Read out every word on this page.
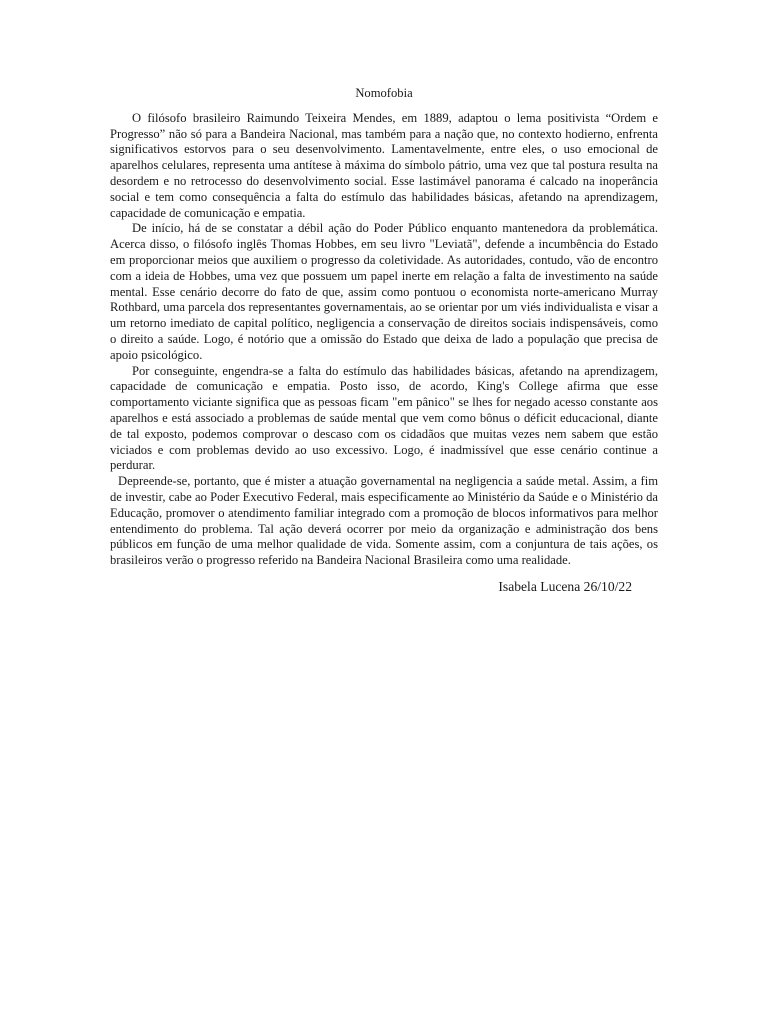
Nomofobia

O filósofo brasileiro Raimundo Teixeira Mendes, em 1889, adaptou o lema positivista “Ordem e Progresso” não só para a Bandeira Nacional, mas também para a nação que, no contexto hodierno, enfrenta significativos estorvos para o seu desenvolvimento. Lamentavelmente, entre eles, o uso emocional de aparelhos celulares, representa uma antítese à máxima do símbolo pátrio, uma vez que tal postura resulta na desordem e no retrocesso do desenvolvimento social. Esse lastimável panorama é calcado na inoperância social e tem como consequência a falta do estímulo das habilidades básicas, afetando na aprendizagem, capacidade de comunicação e empatia.

De início, há de se constatar a débil ação do Poder Público enquanto mantenedora da problemática. Acerca disso, o filósofo inglês Thomas Hobbes, em seu livro "Leviatã", defende a incumbência do Estado em proporcionar meios que auxiliem o progresso da coletividade. As autoridades, contudo, vão de encontro com a ideia de Hobbes, uma vez que possuem um papel inerte em relação a falta de investimento na saúde mental. Esse cenário decorre do fato de que, assim como pontuou o economista norte-americano Murray Rothbard, uma parcela dos representantes governamentais, ao se orientar por um viés individualista e visar a um retorno imediato de capital político, negligencia a conservação de direitos sociais indispensáveis, como o direito a saúde. Logo, é notório que a omissão do Estado que deixa de lado a população que precisa de apoio psicológico.

Por conseguinte, engendra-se a falta do estímulo das habilidades básicas, afetando na aprendizagem, capacidade de comunicação e empatia. Posto isso, de acordo, King's College afirma que esse comportamento viciante significa que as pessoas ficam "em pânico" se lhes for negado acesso constante aos aparelhos e está associado a problemas de saúde mental que vem como bônus o déficit educacional, diante de tal exposto, podemos comprovar o descaso com os cidadãos que muitas vezes nem sabem que estão viciados e com problemas devido ao uso excessivo. Logo, é inadmissível que esse cenário continue a perdurar.

Depreende-se, portanto, que é mister a atuação governamental na negligencia a saúde metal. Assim, a fim de investir, cabe ao Poder Executivo Federal, mais especificamente ao Ministério da Saúde e o Ministério da Educação, promover o atendimento familiar integrado com a promoção de blocos informativos para melhor entendimento do problema. Tal ação deverá ocorrer por meio da organização e administração dos bens públicos em função de uma melhor qualidade de vida. Somente assim, com a conjuntura de tais ações, os brasileiros verão o progresso referido na Bandeira Nacional Brasileira como uma realidade.

Isabela Lucena 26/10/22
